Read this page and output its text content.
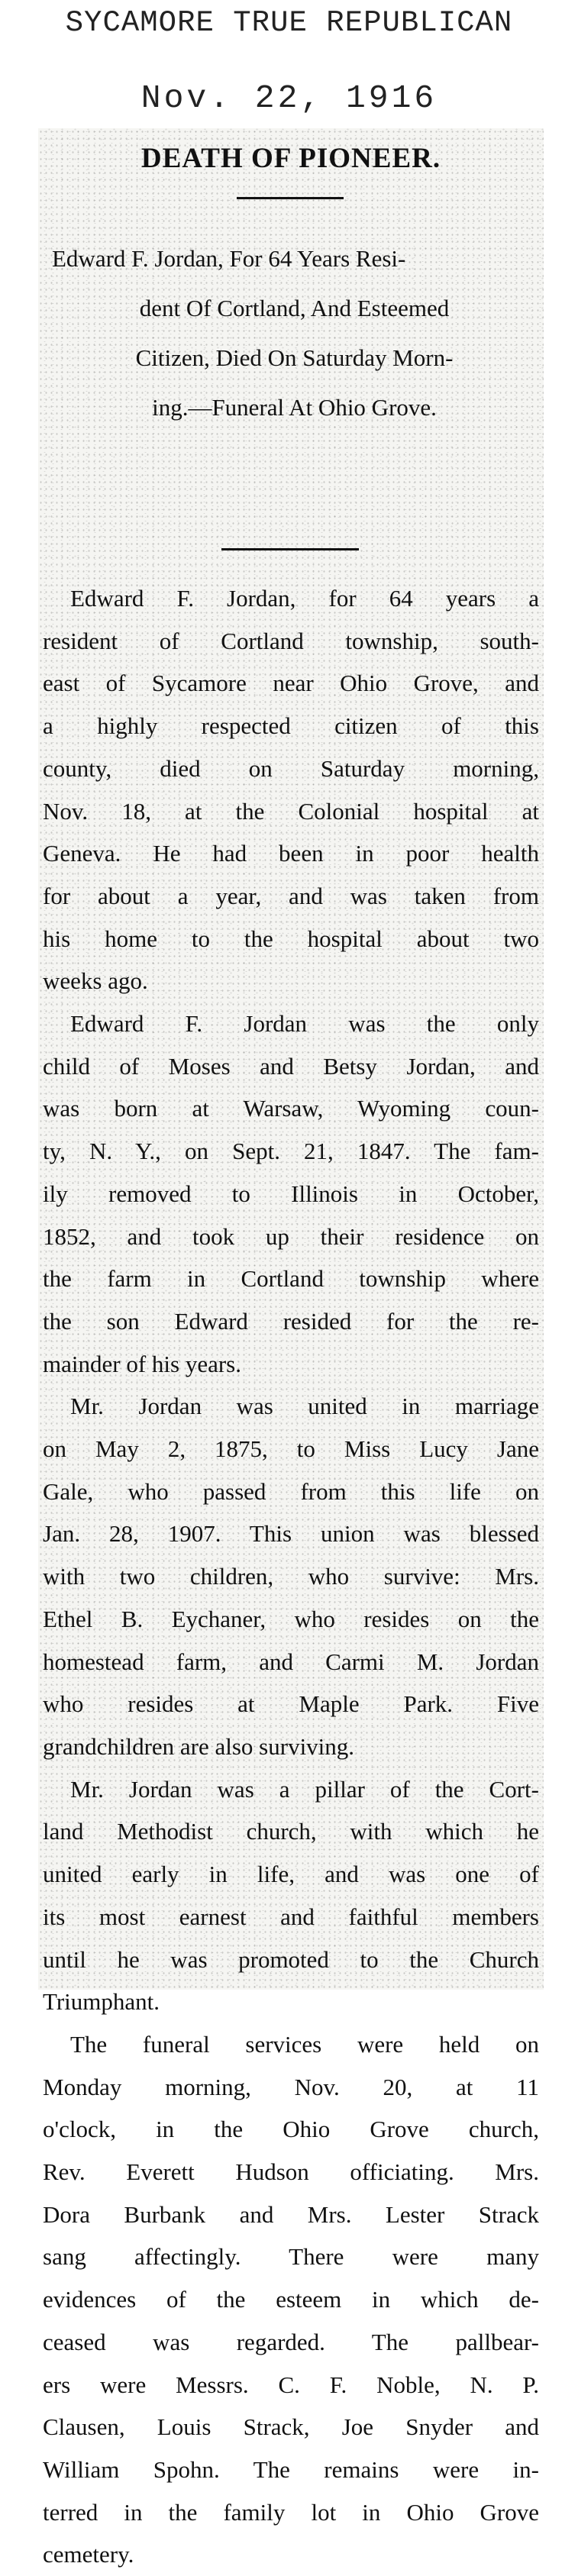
SYCAMORE TRUE REPUBLICAN
Nov. 22, 1916
DEATH OF PIONEER.
Edward F. Jordan, For 64 Years Resi-
dent Of Cortland, And Esteemed
Citizen, Died On Saturday Morn-
ing.—Funeral At Ohio Grove.
Edward F. Jordan, for 64 years a
resident of Cortland township, south-
east of Sycamore near Ohio Grove, and
a highly respected citizen of this
county, died on Saturday morning,
Nov. 18, at the Colonial hospital at
Geneva. He had been in poor health
for about a year, and was taken from
his home to the hospital about two
weeks ago.
Edward F. Jordan was the only
child of Moses and Betsy Jordan, and
was born at Warsaw, Wyoming coun-
ty, N. Y., on Sept. 21, 1847. The fam-
ily removed to Illinois in October,
1852, and took up their residence on
the farm in Cortland township where
the son Edward resided for the re-
mainder of his years.
Mr. Jordan was united in marriage
on May 2, 1875, to Miss Lucy Jane
Gale, who passed from this life on
Jan. 28, 1907. This union was blessed
with two children, who survive: Mrs.
Ethel B. Eychaner, who resides on the
homestead farm, and Carmi M. Jordan
who resides at Maple Park. Five
grandchildren are also surviving.
Mr. Jordan was a pillar of the Cort-
land Methodist church, with which he
united early in life, and was one of
its most earnest and faithful members
until he was promoted to the Church
Triumphant.
The funeral services were held on
Monday morning, Nov. 20, at 11
o'clock, in the Ohio Grove church,
Rev. Everett Hudson officiating. Mrs.
Dora Burbank and Mrs. Lester Strack
sang affectingly. There were many
evidences of the esteem in which de-
ceased was regarded. The pallbear-
ers were Messrs. C. F. Noble, N. P.
Clausen, Louis Strack, Joe Snyder and
William Spohn. The remains were in-
terred in the family lot in Ohio Grove
cemetery.
